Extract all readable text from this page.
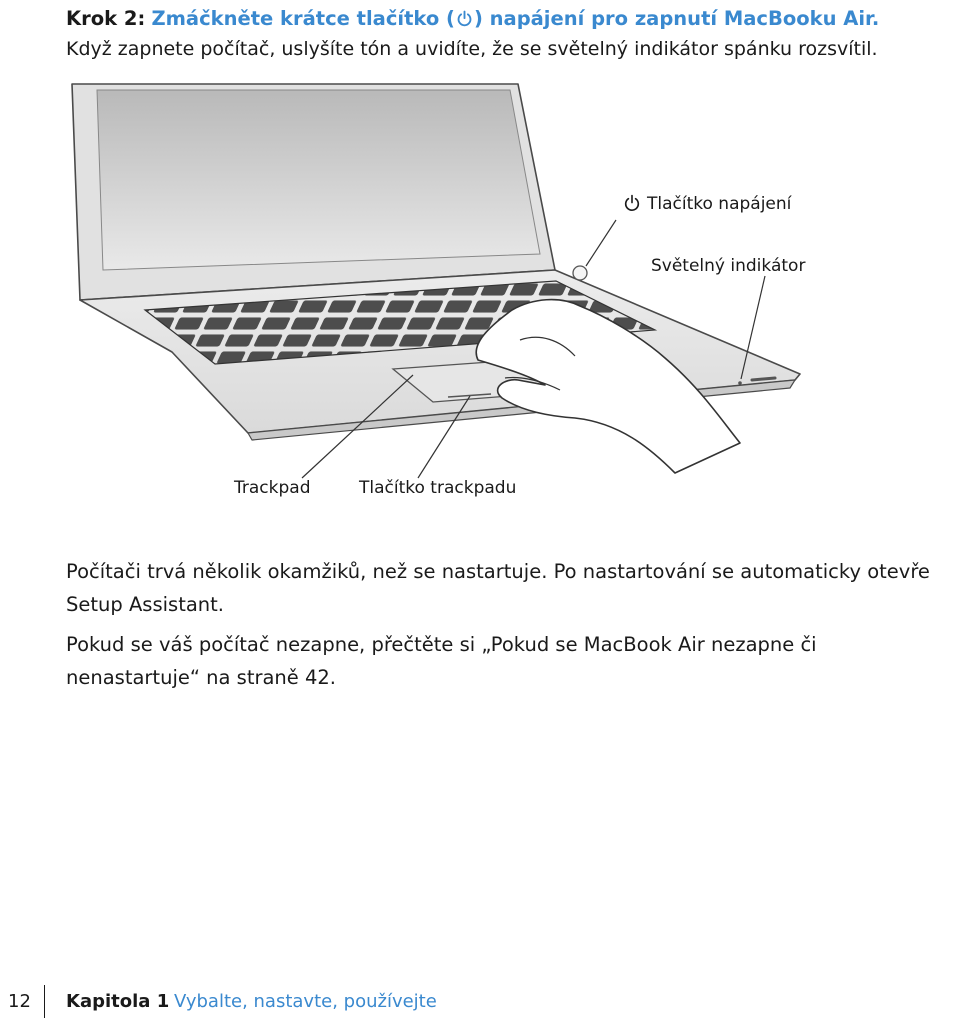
Krok 2: Zmáčkněte krátce tlačítko ( ) napájení pro zapnutí MacBooku Air.
Když zapnete počítač, uslyšíte tón a uvidíte, že se světelný indikátor spánku rozsvítil.
Tlačítko napájení
Světelný indikátor
Trackpad	Tlačítko trackpadu

Počítači trvá několik okamžiků, než se nastartuje. Po nastartování se automaticky otevře Setup Assistant.

Pokud se váš počítač nezapne, přečtěte si „Pokud se MacBook Air nezapne či nenastartuje“ na straně 42.

12 Kapitola 1 Vybalte, nastavte, používejte
